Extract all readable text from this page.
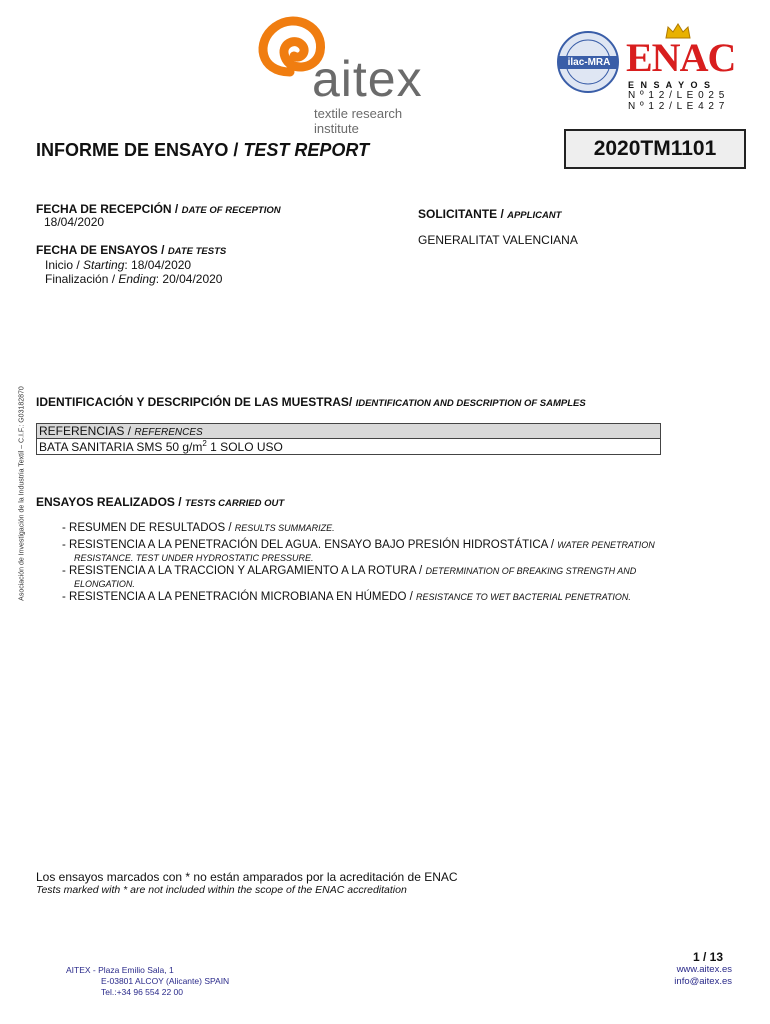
aitex
textile research institute
ilac-MRA ENAC
E N S A Y O S
N º 1 2 / L E 0 2 5
N º 1 2 / L E 4 2 7
Asociación de Investigación de la Industria Textil – C.I.F.: G03182870
INFORME DE ENSAYO / TEST REPORT	2020TM1101
FECHA DE RECEPCIÓN / DATE OF RECEPTION
18/04/2020
FECHA DE ENSAYOS / DATE TESTS
Inicio / Starting: 18/04/2020
Finalización / Ending: 20/04/2020
SOLICITANTE / APPLICANT
GENERALITAT VALENCIANA
IDENTIFICACIÓN Y DESCRIPCIÓN DE LAS MUESTRAS/ IDENTIFICATION AND DESCRIPTION OF SAMPLES
REFERENCIAS / REFERENCES
BATA SANITARIA SMS 50 $g/m^2$ 1 SOLO USO
ENSAYOS REALIZADOS / TESTS CARRIED OUT
- RESUMEN DE RESULTADOS / RESULTS SUMMARIZE.
- RESISTENCIA A LA PENETRACIÓN DEL AGUA. ENSAYO BAJO PRESIÓN HIDROSTÁTICA / WATER PENETRATION
RESISTANCE. TEST UNDER HYDROSTATIC PRESSURE.
- RESISTENCIA A LA TRACCION Y ALARGAMIENTO A LA ROTURA / DETERMINATION OF BREAKING STRENGTH AND
ELONGATION.
- RESISTENCIA A LA PENETRACIÓN MICROBIANA EN HÚMEDO / RESISTANCE TO WET BACTERIAL PENETRATION.
Los ensayos marcados con * no están amparados por la acreditación de ENAC
Tests marked with * are not included within the scope of the ENAC accreditation
1 / 13
AITEX - Plaza Emilio Sala, 1
E-03801 ALCOY (Alicante) SPAIN
Tel.:+34 96 554 22 00
www.aitex.es
info@aitex.es
